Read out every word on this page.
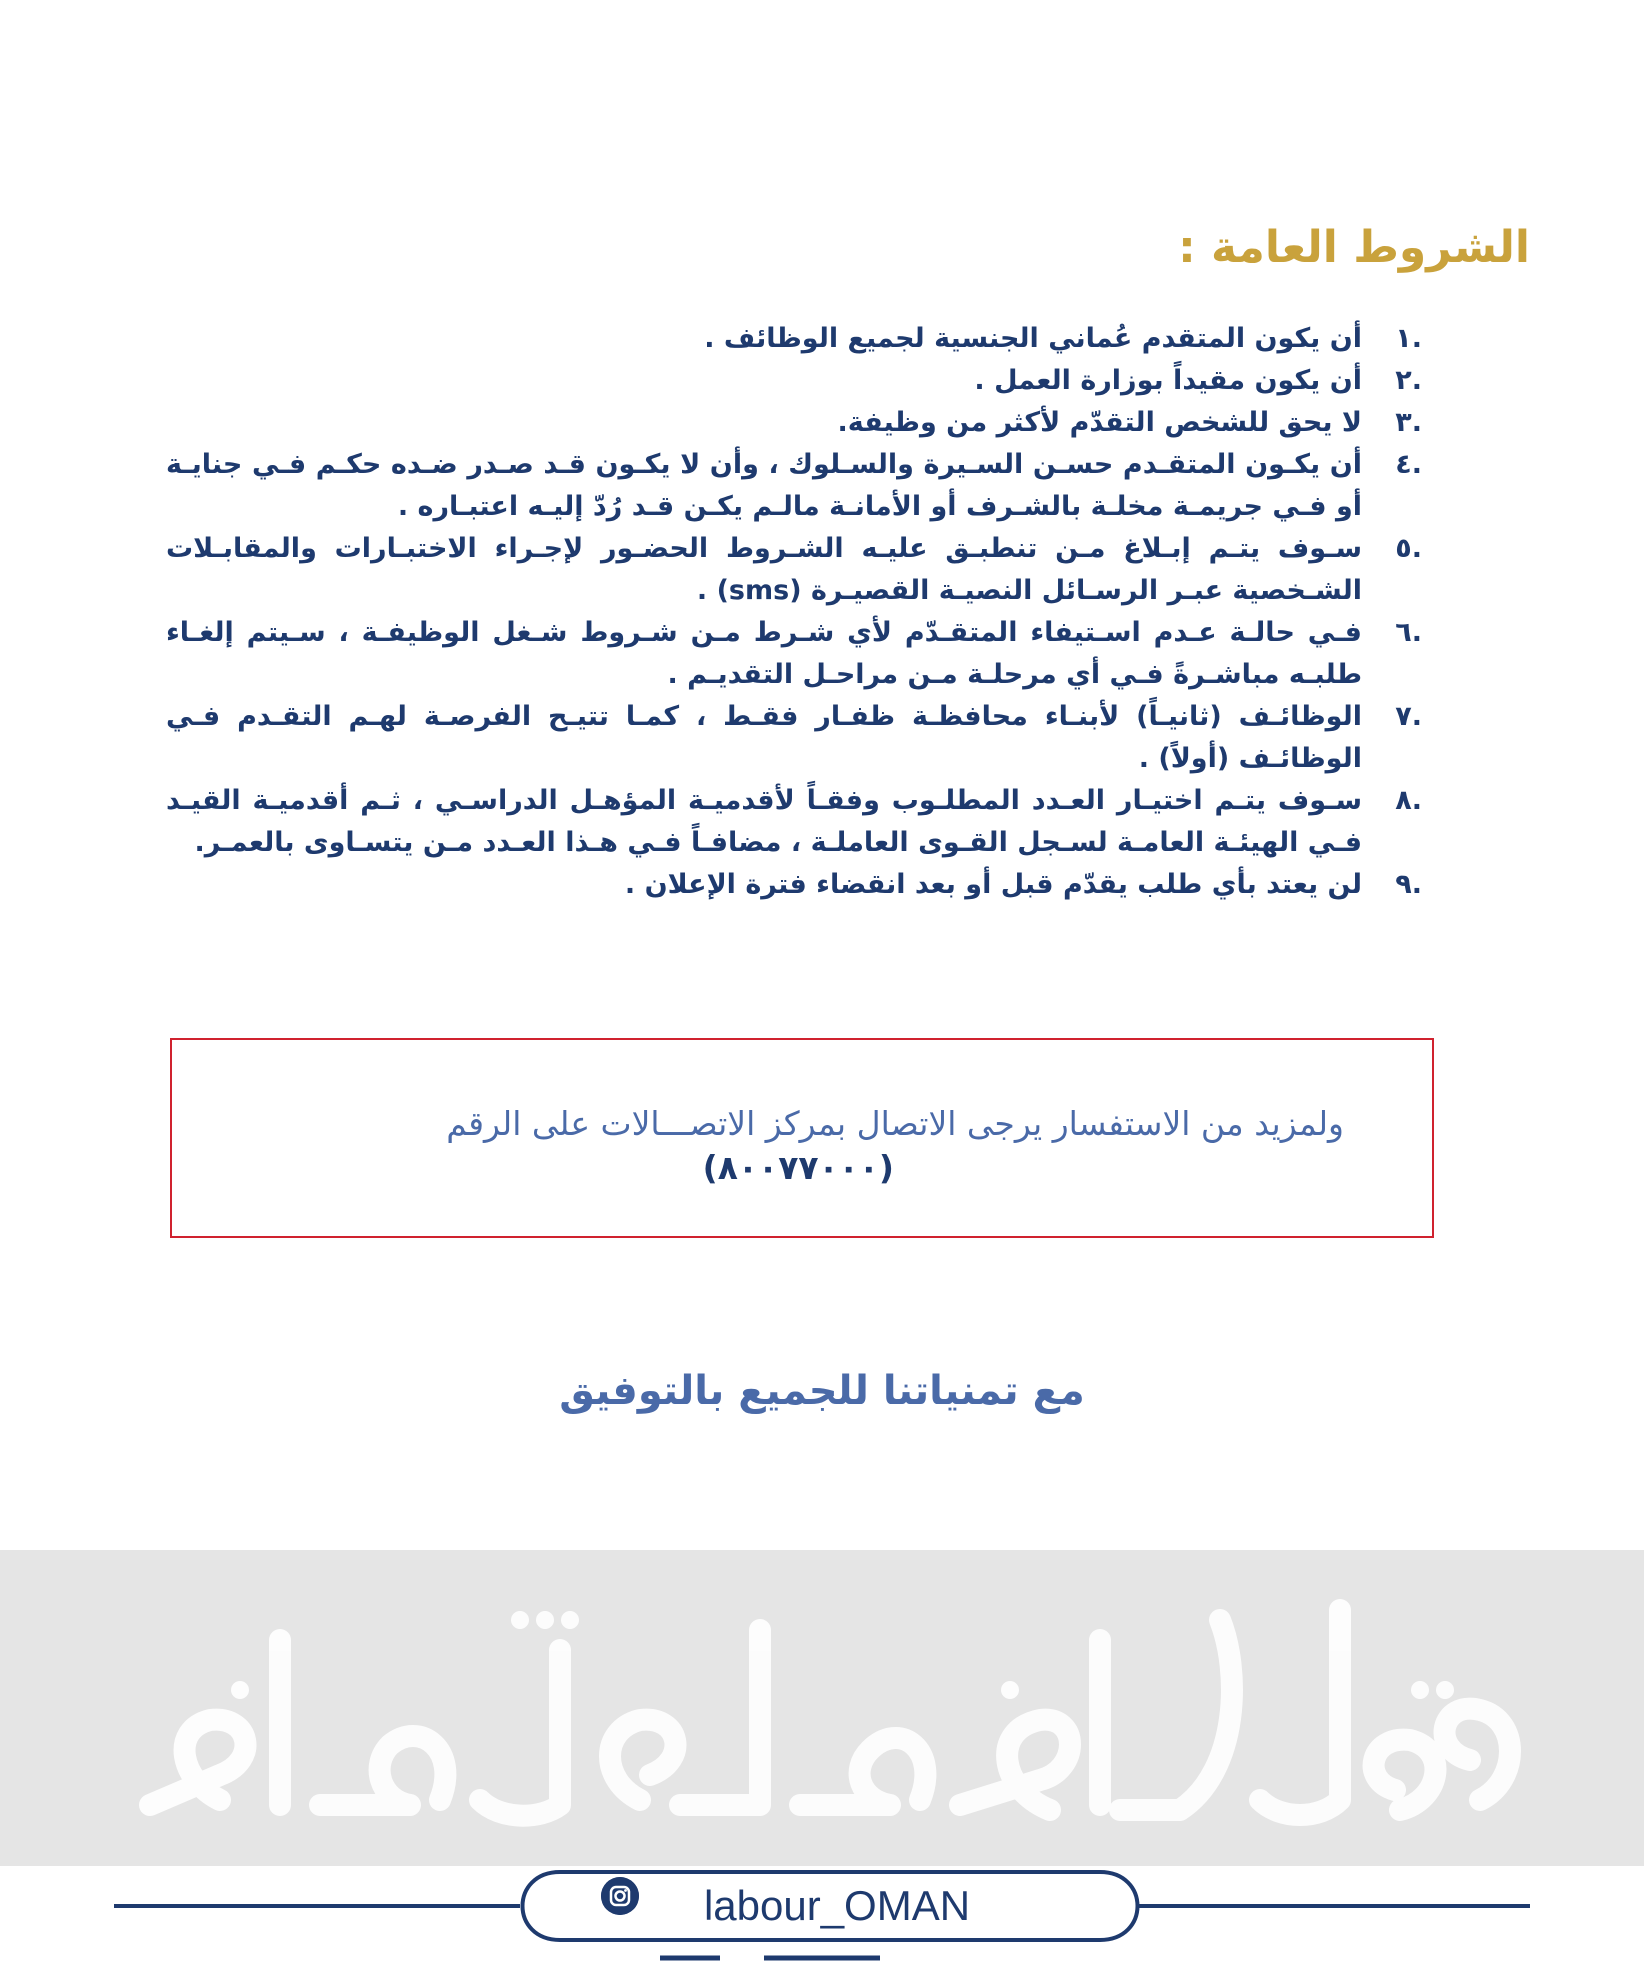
الشروط العامة :
.١
أن يكون المتقدم عُماني الجنسية لجميع الوظائف .
.٢
أن يكون مقيداً بوزارة العمل .
.٣
لا يحق للشخص التقدّم لأكثر من وظيفة.
.٤
أن يكـون المتقـدم حسـن السـيرة والسـلوك ، وأن لا يكـون قـد صـدر ضـده حكـم فـي جنايـة أو فـي جريمـة مخلـة بالشـرف أو الأمانـة مالـم يكـن قـد رُدّ إليـه اعتبـاره .
.٥
سـوف يتـم إبـلاغ مـن تنطبـق عليـه الشـروط الحضـور لإجـراء الاختبـارات والمقابـلات الشـخصية عبـر الرسـائل النصيـة القصيـرة (sms) .
.٦
فـي حالـة عـدم اسـتيفاء المتقـدّم لأي شـرط مـن شـروط شـغل الوظيفـة ، سـيتم إلغـاء طلبـه مباشـرةً فـي أي مرحلـة مـن مراحـل التقديـم .
.٧
الوظائـف (ثانيـاً) لأبنـاء محافظـة ظفـار فقـط ، كمـا تتيـح الفرصـة لهـم التقـدم فـي الوظائـف (أولاً) .
.٨
سـوف يتـم اختيـار العـدد المطلـوب وفقـاً لأقدميـة المؤهـل الدراسـي ، ثـم أقدميـة القيـد فـي الهيئـة العامـة لسـجل القـوى العاملـة ، مضافـاً فـي هـذا العـدد مـن يتسـاوى بالعمـر.
.٩
لن يعتد بأي طلب يقدّم قبل أو بعد انقضاء فترة الإعلان .

ولمزيد من الاستفسار يرجى الاتصال بمركز الاتصـــالات على الرقم

(٨٠٠٧٧٠٠٠)

مع تمنياتنا للجميع بالتوفيق

labour_OMAN
